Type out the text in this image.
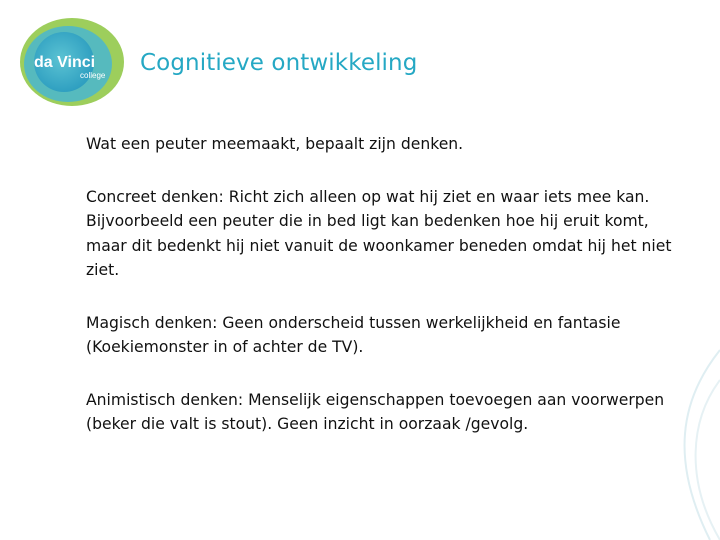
da Vinci
college Cognitieve ontwikkeling

Wat een peuter meemaakt, bepaalt zijn denken.

Concreet denken: Richt zich alleen op wat hij ziet en waar iets mee kan. Bijvoorbeeld een peuter die in bed ligt kan bedenken hoe hij eruit komt, maar dit bedenkt hij niet vanuit de woonkamer beneden omdat hij het niet ziet.

Magisch denken: Geen onderscheid tussen werkelijkheid en fantasie (Koekiemonster in of achter de TV).

Animistisch denken: Menselijk eigenschappen toevoegen aan voorwerpen (beker die valt is stout). Geen inzicht in oorzaak /gevolg.
